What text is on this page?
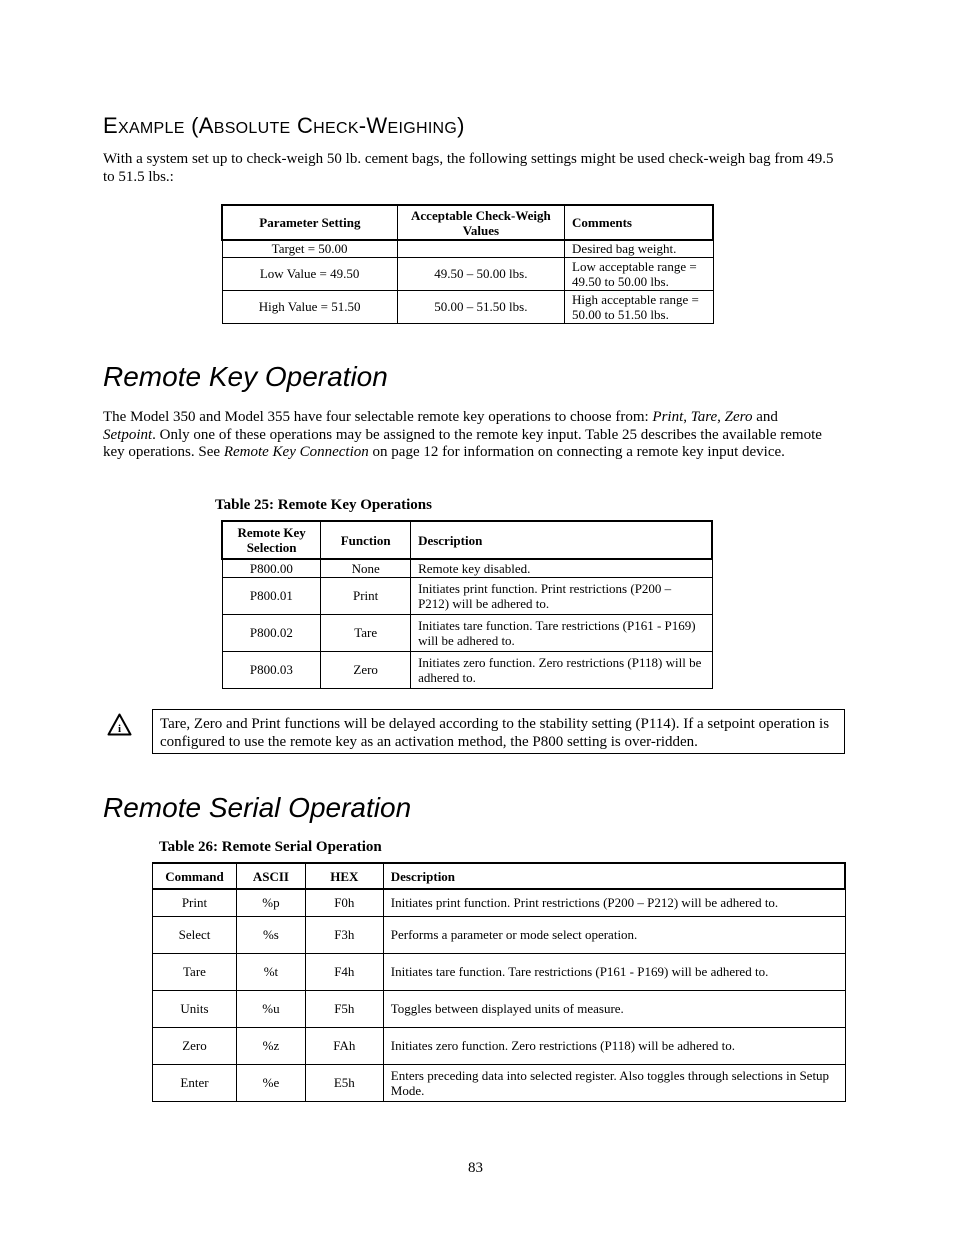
EXAMPLE (ABSOLUTE CHECK-WEIGHING)
With a system set up to check-weigh 50 lb. cement bags, the following settings might be used check-weigh bag from 49.5 to 51.5 lbs.:
Parameter Setting	Acceptable Check-Weigh Values	Comments
Target = 50.00		Desired bag weight.
Low Value = 49.50	49.50 – 50.00 lbs.	Low acceptable range = 49.50 to 50.00 lbs.
High Value = 51.50	50.00 – 51.50 lbs.	High acceptable range = 50.00 to 51.50 lbs.
Remote Key Operation
The Model 350 and Model 355 have four selectable remote key operations to choose from: Print, Tare, Zero and Setpoint. Only one of these operations may be assigned to the remote key input. Table 25 describes the available remote key operations. See Remote Key Connection on page 12 for information on connecting a remote key input device.
Table 25: Remote Key Operations
Remote Key Selection	Function	Description
P800.00	None	Remote key disabled.
P800.01	Print	Initiates print function. Print restrictions (P200 – P212) will be adhered to.
P800.02	Tare	Initiates tare function. Tare restrictions (P161 - P169) will be adhered to.
P800.03	Zero	Initiates zero function. Zero restrictions (P118) will be adhered to.
i	Tare, Zero and Print functions will be delayed according to the stability setting (P114). If a setpoint operation is configured to use the remote key as an activation method, the P800 setting is over-ridden.
Remote Serial Operation
Table 26: Remote Serial Operation
Command	ASCII	HEX	Description
Print	%p	F0h	Initiates print function. Print restrictions (P200 – P212) will be adhered to.
Select	%s	F3h	Performs a parameter or mode select operation.
Tare	%t	F4h	Initiates tare function. Tare restrictions (P161 - P169) will be adhered to.
Units	%u	F5h	Toggles between displayed units of measure.
Zero	%z	FAh	Initiates zero function. Zero restrictions (P118) will be adhered to.
Enter	%e	E5h	Enters preceding data into selected register. Also toggles through selections in Setup Mode.
83
